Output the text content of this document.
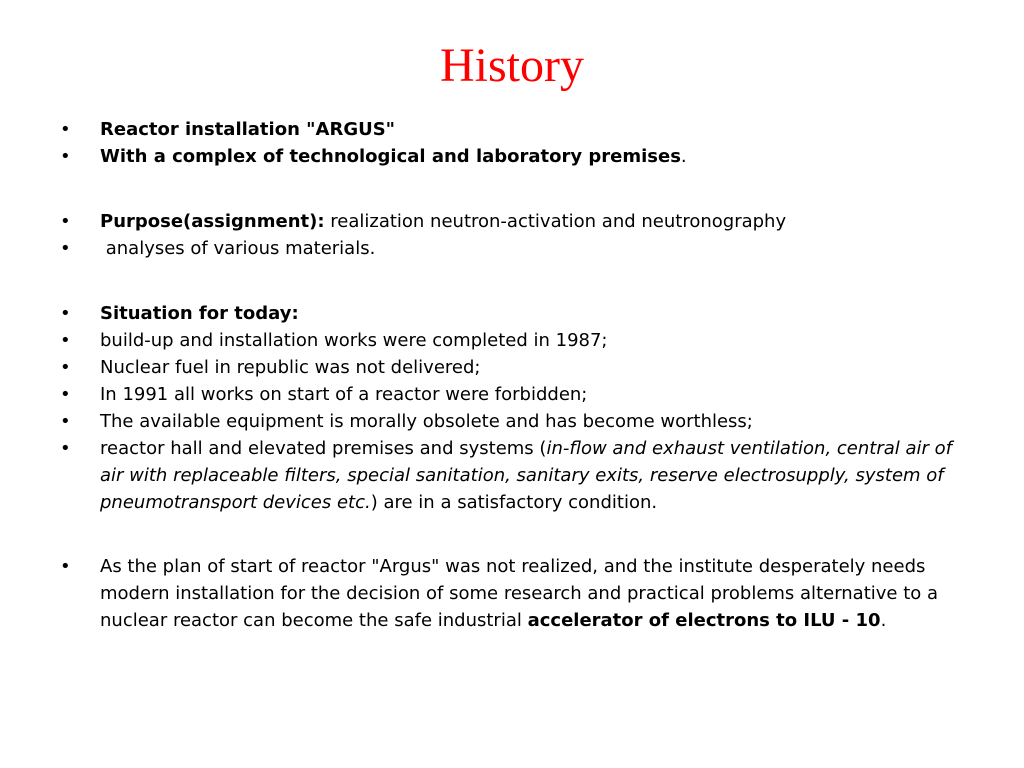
History
• Reactor installation "ARGUS"
• With a complex of technological and laboratory premises.
• Purpose(assignment): realization neutron-activation and neutronography
•  analyses of various materials.
• Situation for today:
• build-up and installation works were completed in 1987;
• Nuclear fuel in republic was not delivered;
• In 1991 all works on start of a reactor were forbidden;
• The available equipment is morally obsolete and has become worthless;
• reactor hall and elevated premises and systems (in-flow and exhaust ventilation, central air of air with replaceable filters, special sanitation, sanitary exits, reserve electrosupply, system of pneumotransport devices etc.) are in a satisfactory condition.
• As the plan of start of reactor "Argus" was not realized, and the institute desperately needs modern installation for the decision of some research and practical problems alternative to a nuclear reactor can become the safe industrial accelerator of electrons to ILU - 10.
